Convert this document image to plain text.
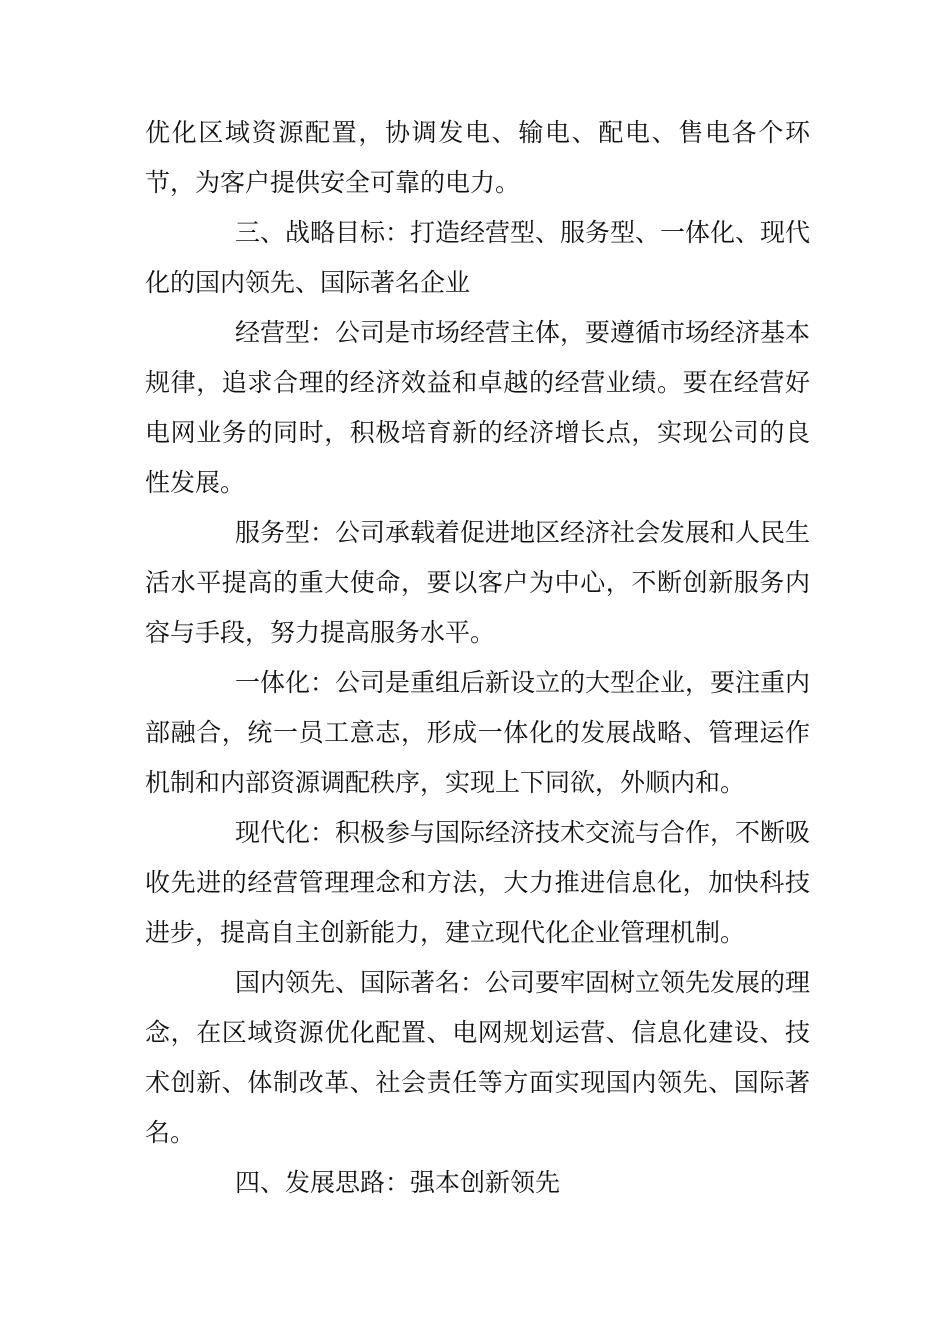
优化区域资源配置，协调发电、输电、配电、售电各个环节，为客户提供安全可靠的电力。

三、战略目标：打造经营型、服务型、一体化、现代化的国内领先、国际著名企业

经营型：公司是市场经营主体，要遵循市场经济基本规律，追求合理的经济效益和卓越的经营业绩。要在经营好电网业务的同时，积极培育新的经济增长点，实现公司的良性发展。

服务型：公司承载着促进地区经济社会发展和人民生活水平提高的重大使命，要以客户为中心，不断创新服务内容与手段，努力提高服务水平。

一体化：公司是重组后新设立的大型企业，要注重内部融合，统一员工意志，形成一体化的发展战略、管理运作机制和内部资源调配秩序，实现上下同欲，外顺内和。

现代化：积极参与国际经济技术交流与合作，不断吸收先进的经营管理理念和方法，大力推进信息化，加快科技进步，提高自主创新能力，建立现代化企业管理机制。

国内领先、国际著名：公司要牢固树立领先发展的理念，在区域资源优化配置、电网规划运营、信息化建设、技术创新、体制改革、社会责任等方面实现国内领先、国际著名。

四、发展思路：强本创新领先
